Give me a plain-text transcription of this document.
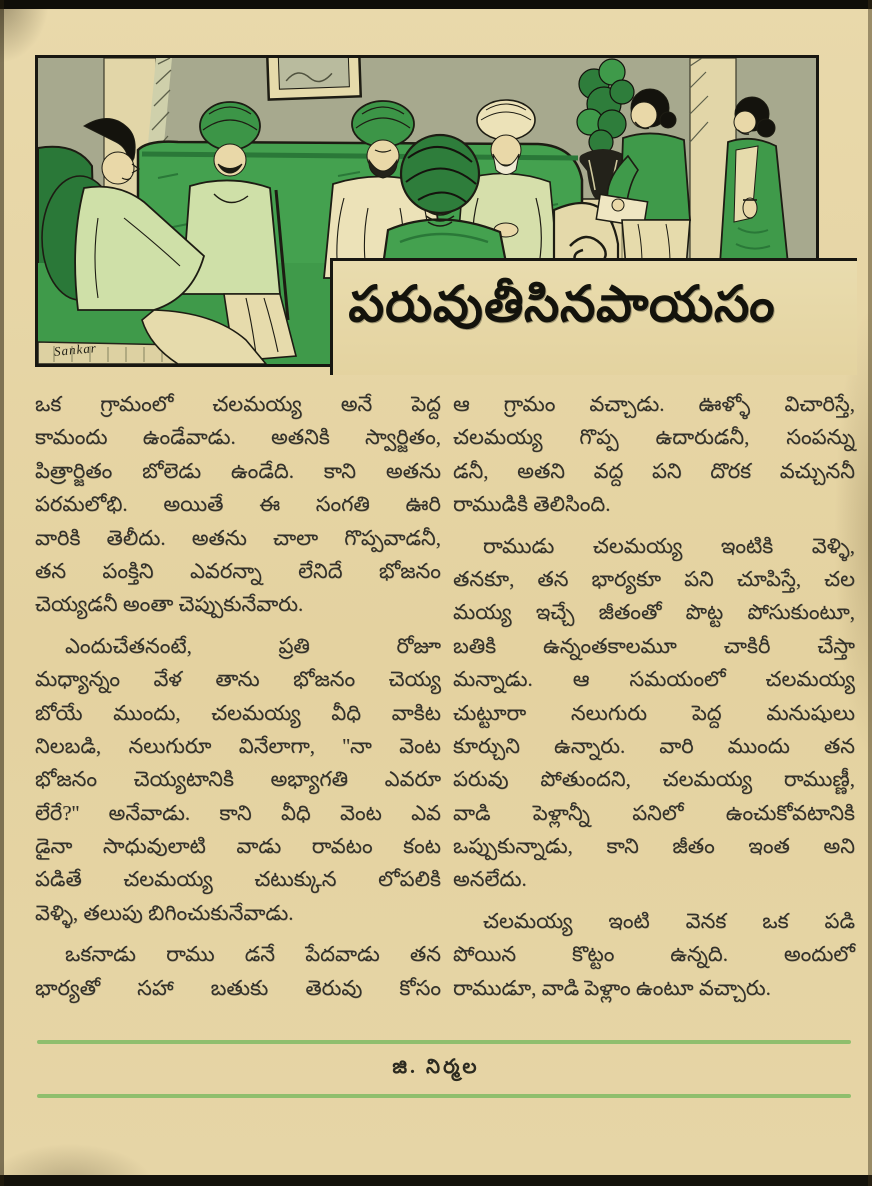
Sankar
పరువుతీసినపాయసం
ఒక గ్రామంలో చలమయ్య అనే పెద్ద
కామందు ఉండేవాడు. అతనికి స్వార్జితం,
పిత్రార్జితం బోలెడు ఉండేది. కాని అతను
పరమలోభి. అయితే ఈ సంగతి ఊరి
వారికి తెలీదు. అతను చాలా గొప్పవాడనీ,
తన పంక్తిని ఎవరన్నా లేనిదే భోజనం
చెయ్యడనీ అంతా చెప్పుకునేవారు.
ఎందుచేతనంటే,	ప్రతి	రోజూ
మధ్యాన్నం వేళ తాను భోజనం చెయ్య
బోయే ముందు, చలమయ్య వీధి వాకిట
నిలబడి, నలుగురూ వినేలాగా, ''నా వెంట
భోజనం చెయ్యటానికి అభ్యాగతి ఎవరూ
లేరే?'' అనేవాడు. కాని వీధి వెంట ఎవ
డైనా సాధువులాటి వాడు రావటం కంట
పడితే చలమయ్య చటుక్కున లోపలికి
వెళ్ళి, తలుపు బిగించుకునేవాడు.
ఒకనాడు రాము డనే పేదవాడు తన
భార్యతో సహా బతుకు తెరువు కోసం
ఆ గ్రామం వచ్చాడు. ఊళ్ళో విచారిస్తే,
చలమయ్య గొప్ప ఉదారుడనీ, సంపన్ను
డనీ, అతని వద్ద పని దొరక వచ్చుననీ
రాముడికి తెలిసింది.
రాముడు చలమయ్య ఇంటికి వెళ్ళి,
తనకూ, తన భార్యకూ పని చూపిస్తే, చల
మయ్య ఇచ్చే జీతంతో పొట్ట పోసుకుంటూ,
బతికి ఉన్నంతకాలమూ చాకిరీ చేస్తా
మన్నాడు. ఆ సమయంలో చలమయ్య
చుట్టూరా నలుగురు పెద్ద మనుషులు
కూర్చుని ఉన్నారు. వారి ముందు తన
పరువు పోతుందని, చలమయ్య రాముణ్ణీ,
వాడి పెళ్లాన్నీ పనిలో ఉంచుకోవటానికి
ఒప్పుకున్నాడు, కాని జీతం ఇంత అని
అనలేదు.
చలమయ్య ఇంటి వెనక ఒక పడి
పోయిన	కొట్టం	ఉన్నది.	అందులో
రాముడూ, వాడి పెళ్లాం ఉంటూ వచ్చారు.
జి. నిర్మల
